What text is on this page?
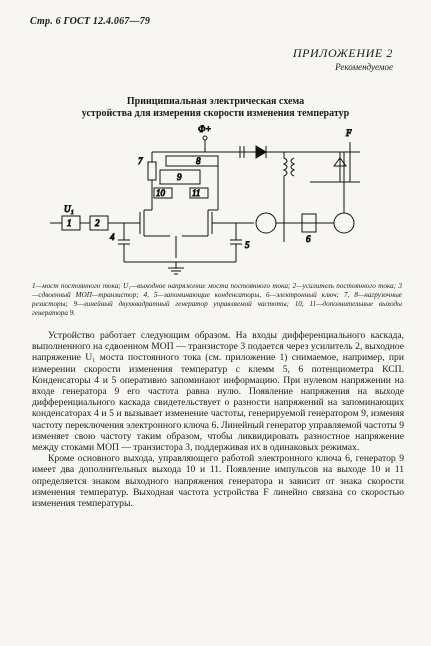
Стр. 6 ГОСТ 12.4.067—79
ПРИЛОЖЕНИЕ 2
Рекомендуемое
Принципиальная электрическая схема
устройства для измерения скорости изменения температур
Ф+
7	8
9
10	11
F
1
U₁
2
4
5
6
1—мост постоянного тока; U₁—выходное напряжение моста постоянного тока; 2—усилитель постоянного тока; 3—сдвоенный МОП—транзистор; 4, 5—запоминающие конденсаторы, 6—электронный ключ; 7, 8—нагрузочные резисторы; 9—линейный двухквадратный генератор управляемой частоты; 10, 11—дополнительные выходы генератора 9.

Устройство работает следующим образом. На входы дифференциального каскада, выполненного на сдвоенном МОП — транзисторе 3 подается через усилитель 2, выходное напряжение U₁ моста постоянного тока (см. приложение 1) снимаемое, например, при измерении скорости изменения температур с клемм 5, 6 потенциометра КСП. Конденсаторы 4 и 5 оперативно запоминают информацию. При нулевом напряжении на входе генератора 9 его частота равна нулю. Появление напряжения на выходе дифференциального каскада свидетельствует о разности напряжений на запоминающих конденсаторах 4 и 5 и вызывает изменение частоты, генерируемой генератором 9, изменяя частоту переключения электронного ключа 6. Линейный генератор управляемой частоты 9 изменяет свою частоту таким образом, чтобы ликвидировать разностное напряжение между стоками МОП — транзистора 3, поддерживая их в одинаковых режимах.

Кроме основного выхода, управляющего работой электронного ключа 6, генератор 9 имеет два дополнительных выхода 10 и 11. Появление импульсов на выходе 10 и 11 определяется знаком выходного напряжения генератора и зависит от знака скорости изменения температур. Выходная частота устройства F линейно связана со скоростью изменения температуры.
